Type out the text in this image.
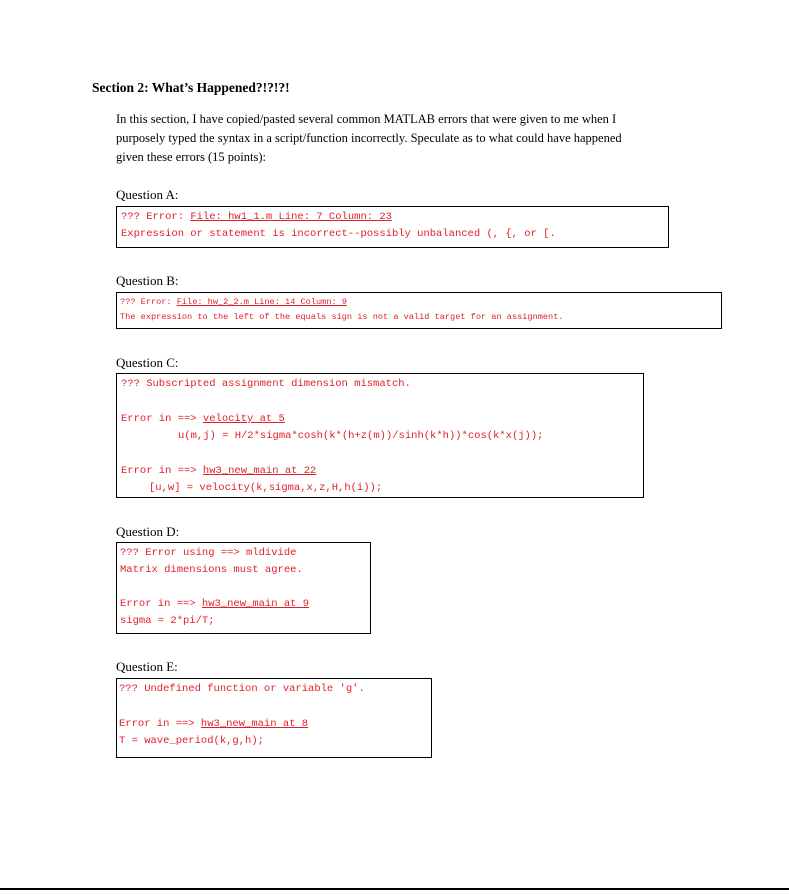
Section 2: What’s Happened?!?!?!
In this section, I have copied/pasted several common MATLAB errors that were given to me when I
purposely typed the syntax in a script/function incorrectly. Speculate as to what could have happened
given these errors (15 points):
Question A:
??? Error: File: hw1_1.m Line: 7 Column: 23
Expression or statement is incorrect--possibly unbalanced (, {, or [.
Question B:
??? Error: File: hw_2_2.m Line: 14 Column: 9
The expression to the left of the equals sign is not a valid target for an assignment.
Question C:
??? Subscripted assignment dimension mismatch.
Error in ==> velocity at 5
u(m,j) = H/2*sigma*cosh(k*(h+z(m))/sinh(k*h))*cos(k*x(j));
Error in ==> hw3_new_main at 22
[u,w] = velocity(k,sigma,x,z,H,h(i));
Question D:
??? Error using ==> mldivide
Matrix dimensions must agree.
Error in ==> hw3_new_main at 9
sigma = 2*pi/T;
Question E:
??? Undefined function or variable 'g'.
Error in ==> hw3_new_main at 8
T = wave_period(k,g,h);
